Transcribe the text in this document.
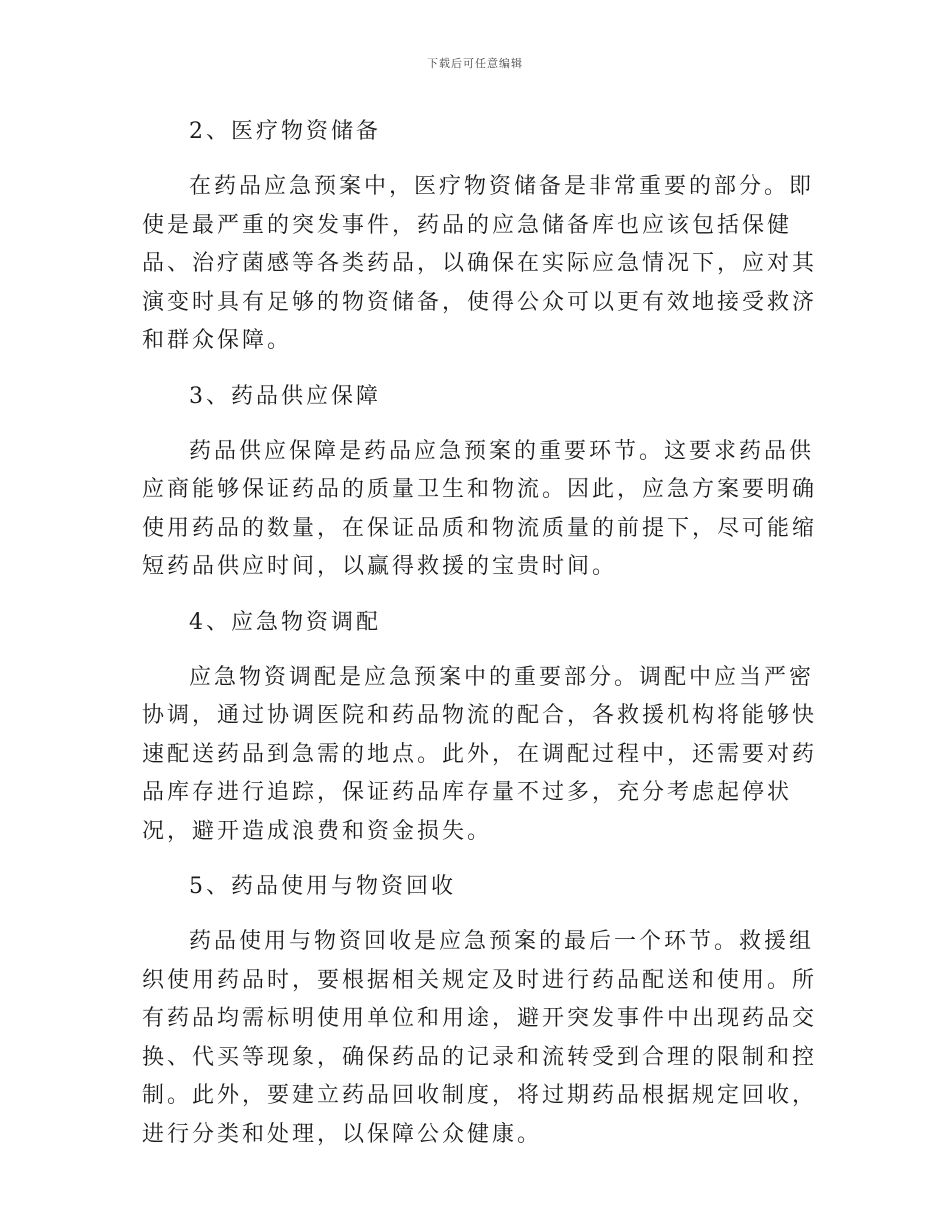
下载后可任意编辑
2、医疗物资储备
在药品应急预案中，医疗物资储备是非常重要的部分。即
使是最严重的突发事件，药品的应急储备库也应该包括保健
品、治疗菌感等各类药品，以确保在实际应急情况下，应对其
演变时具有足够的物资储备，使得公众可以更有效地接受救济
和群众保障。
3、药品供应保障
药品供应保障是药品应急预案的重要环节。这要求药品供
应商能够保证药品的质量卫生和物流。因此，应急方案要明确
使用药品的数量，在保证品质和物流质量的前提下，尽可能缩
短药品供应时间，以赢得救援的宝贵时间。
4、应急物资调配
应急物资调配是应急预案中的重要部分。调配中应当严密
协调，通过协调医院和药品物流的配合，各救援机构将能够快
速配送药品到急需的地点。此外，在调配过程中，还需要对药
品库存进行追踪，保证药品库存量不过多，充分考虑起停状
况，避开造成浪费和资金损失。
5、药品使用与物资回收
药品使用与物资回收是应急预案的最后一个环节。救援组
织使用药品时，要根据相关规定及时进行药品配送和使用。所
有药品均需标明使用单位和用途，避开突发事件中出现药品交
换、代买等现象，确保药品的记录和流转受到合理的限制和控
制。此外，要建立药品回收制度，将过期药品根据规定回收，
进行分类和处理，以保障公众健康。
